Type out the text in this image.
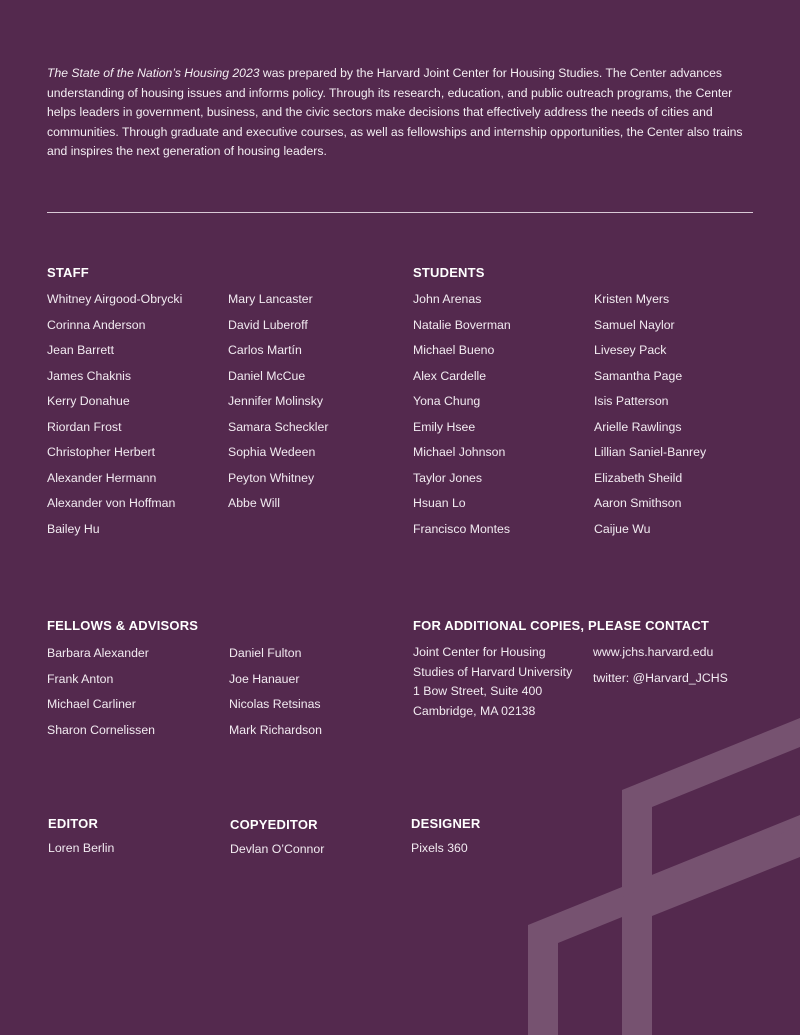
The State of the Nation’s Housing 2023 was prepared by the Harvard Joint Center for Housing Studies. The Center advances understanding of housing issues and informs policy. Through its research, education, and public outreach programs, the Center helps leaders in government, business, and the civic sectors make decisions that effectively address the needs of cities and communities. Through graduate and executive courses, as well as fellowships and internship opportunities, the Center also trains and inspires the next generation of housing leaders.

STAFF
Whitney Airgood-Obrycki
Corinna Anderson
Jean Barrett
James Chaknis
Kerry Donahue
Riordan Frost
Christopher Herbert
Alexander Hermann
Alexander von Hoffman
Bailey Hu
Mary Lancaster
David Luberoff
Carlos Martín
Daniel McCue
Jennifer Molinsky
Samara Scheckler
Sophia Wedeen
Peyton Whitney
Abbe Will
STUDENTS
John Arenas
Natalie Boverman
Michael Bueno
Alex Cardelle
Yona Chung
Emily Hsee
Michael Johnson
Taylor Jones
Hsuan Lo
Francisco Montes
Kristen Myers
Samuel Naylor
Livesey Pack
Samantha Page
Isis Patterson
Arielle Rawlings
Lillian Saniel-Banrey
Elizabeth Sheild
Aaron Smithson
Caijue Wu
FELLOWS & ADVISORS
Barbara Alexander
Frank Anton
Michael Carliner
Sharon Cornelissen
Daniel Fulton
Joe Hanauer
Nicolas Retsinas
Mark Richardson
FOR ADDITIONAL COPIES, PLEASE CONTACT
Joint Center for Housing
Studies of Harvard University
1 Bow Street, Suite 400
Cambridge, MA 02138
www.jchs.harvard.edu
twitter: @Harvard_JCHS
EDITOR
Loren Berlin
COPYEDITOR
Devlan O’Connor
DESIGNER
Pixels 360
